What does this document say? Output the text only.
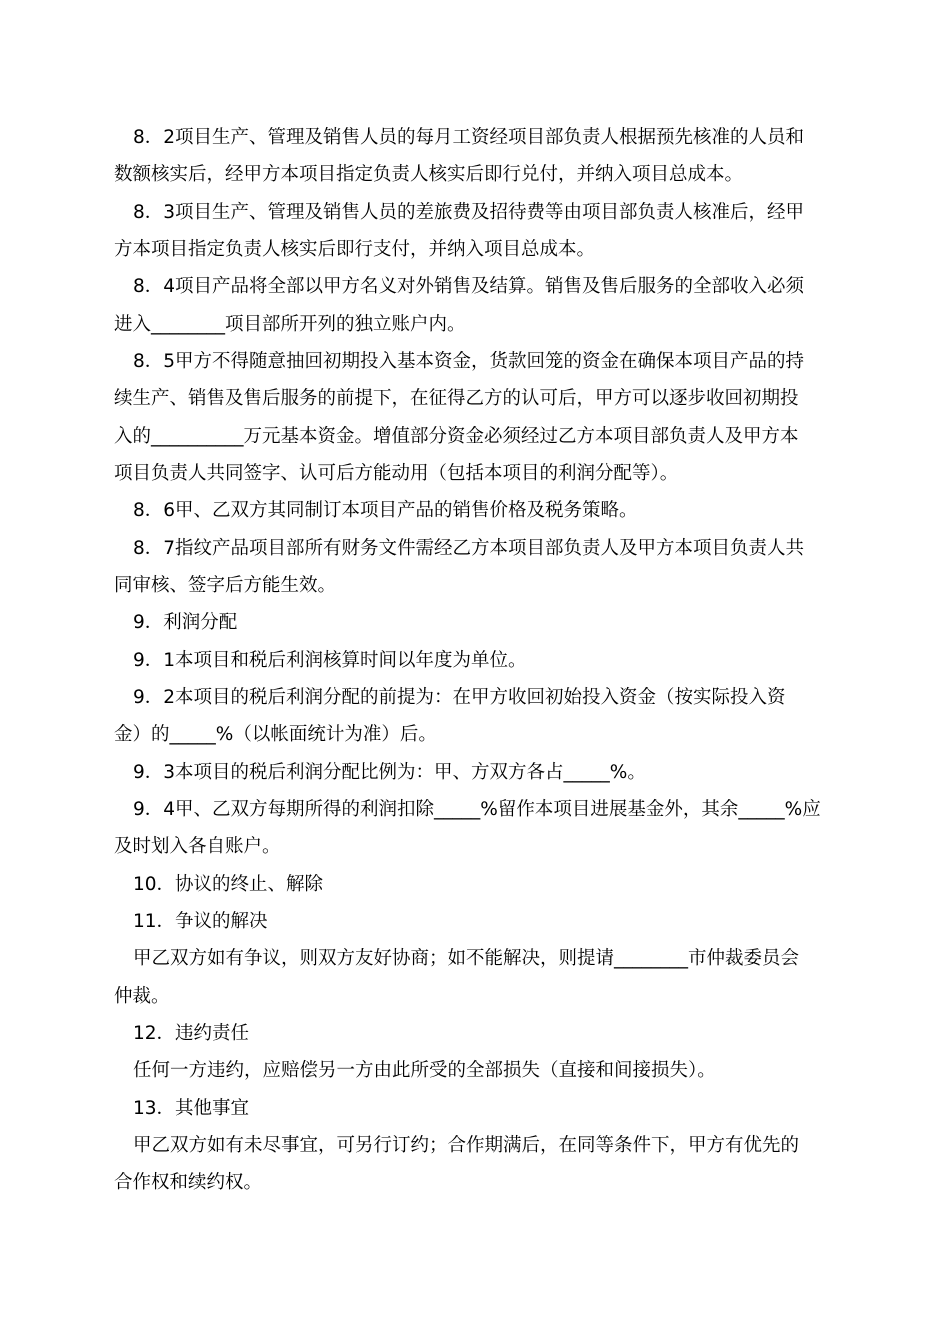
8．2项目生产、管理及销售人员的每月工资经项目部负责人根据预先核准的人员和
数额核实后，经甲方本项目指定负责人核实后即行兑付，并纳入项目总成本。
8．3项目生产、管理及销售人员的差旅费及招待费等由项目部负责人核准后，经甲
方本项目指定负责人核实后即行支付，并纳入项目总成本。
8．4项目产品将全部以甲方名义对外销售及结算。销售及售后服务的全部收入必须
进入________项目部所开列的独立账户内。
8．5甲方不得随意抽回初期投入基本资金，货款回笼的资金在确保本项目产品的持
续生产、销售及售后服务的前提下，在征得乙方的认可后，甲方可以逐步收回初期投
入的__________万元基本资金。增值部分资金必须经过乙方本项目部负责人及甲方本
项目负责人共同签字、认可后方能动用（包括本项目的利润分配等）。
8．6甲、乙双方其同制订本项目产品的销售价格及税务策略。
8．7指纹产品项目部所有财务文件需经乙方本项目部负责人及甲方本项目负责人共
同审核、签字后方能生效。
9．利润分配
9．1本项目和税后利润核算时间以年度为单位。
9．2本项目的税后利润分配的前提为：在甲方收回初始投入资金（按实际投入资
金）的_____%（以帐面统计为准）后。
9．3本项目的税后利润分配比例为：甲、方双方各占_____%。
9．4甲、乙双方每期所得的利润扣除_____%留作本项目进展基金外，其余_____%应
及时划入各自账户。
10．协议的终止、解除
11．争议的解决
甲乙双方如有争议，则双方友好协商；如不能解决，则提请________市仲裁委员会
仲裁。
12．违约责任
任何一方违约，应赔偿另一方由此所受的全部损失（直接和间接损失）。
13．其他事宜
甲乙双方如有未尽事宜，可另行订约；合作期满后，在同等条件下，甲方有优先的
合作权和续约权。
